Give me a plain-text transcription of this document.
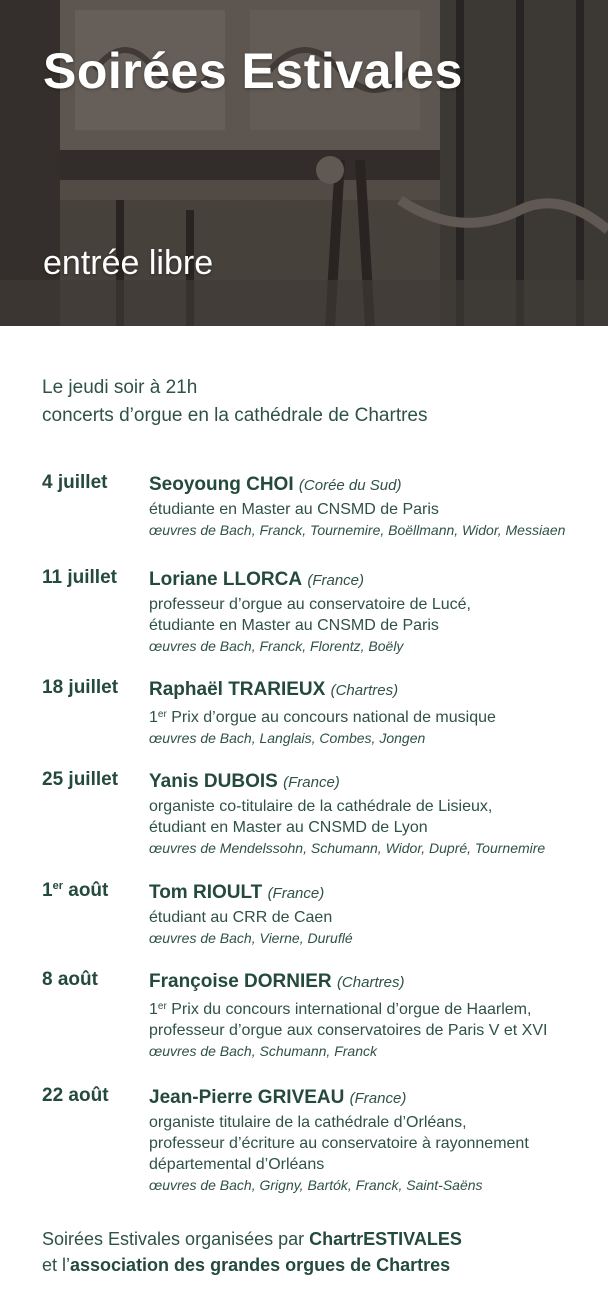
Soirées Estivales
entrée libre
Le jeudi soir à 21h
concerts d’orgue en la cathédrale de Chartres
4 juillet Seoyoung CHOI (Corée du Sud)
étudiante en Master au CNSMD de Paris
œuvres de Bach, Franck, Tournemire, Boëllmann, Widor, Messiaen
11 juillet Loriane LLORCA (France)
professeur d’orgue au conservatoire de Lucé,
étudiante en Master au CNSMD de Paris
œuvres de Bach, Franck, Florentz, Boëly
18 juillet Raphaël TRARIEUX (Chartres)
1er Prix d’orgue au concours national de musique
œuvres de Bach, Langlais, Combes, Jongen
25 juillet Yanis DUBOIS (France)
organiste co-titulaire de la cathédrale de Lisieux,
étudiant en Master au CNSMD de Lyon
œuvres de Mendelssohn, Schumann, Widor, Dupré, Tournemire
1er août Tom RIOULT (France)
étudiant au CRR de Caen
œuvres de Bach, Vierne, Duruflé
8 août	Françoise DORNIER (Chartres)
1er Prix du concours international d’orgue de Haarlem,
professeur d’orgue aux conservatoires de Paris V et XVI
œuvres de Bach, Schumann, Franck
22 août Jean-Pierre GRIVEAU (France)
organiste titulaire de la cathédrale d’Orléans,
professeur d’écriture au conservatoire à rayonnement
départemental d’Orléans
œuvres de Bach, Grigny, Bartók, Franck, Saint-Saëns
Soirées Estivales organisées par ChartrESTIVALES
et l’association des grandes orgues de Chartres
